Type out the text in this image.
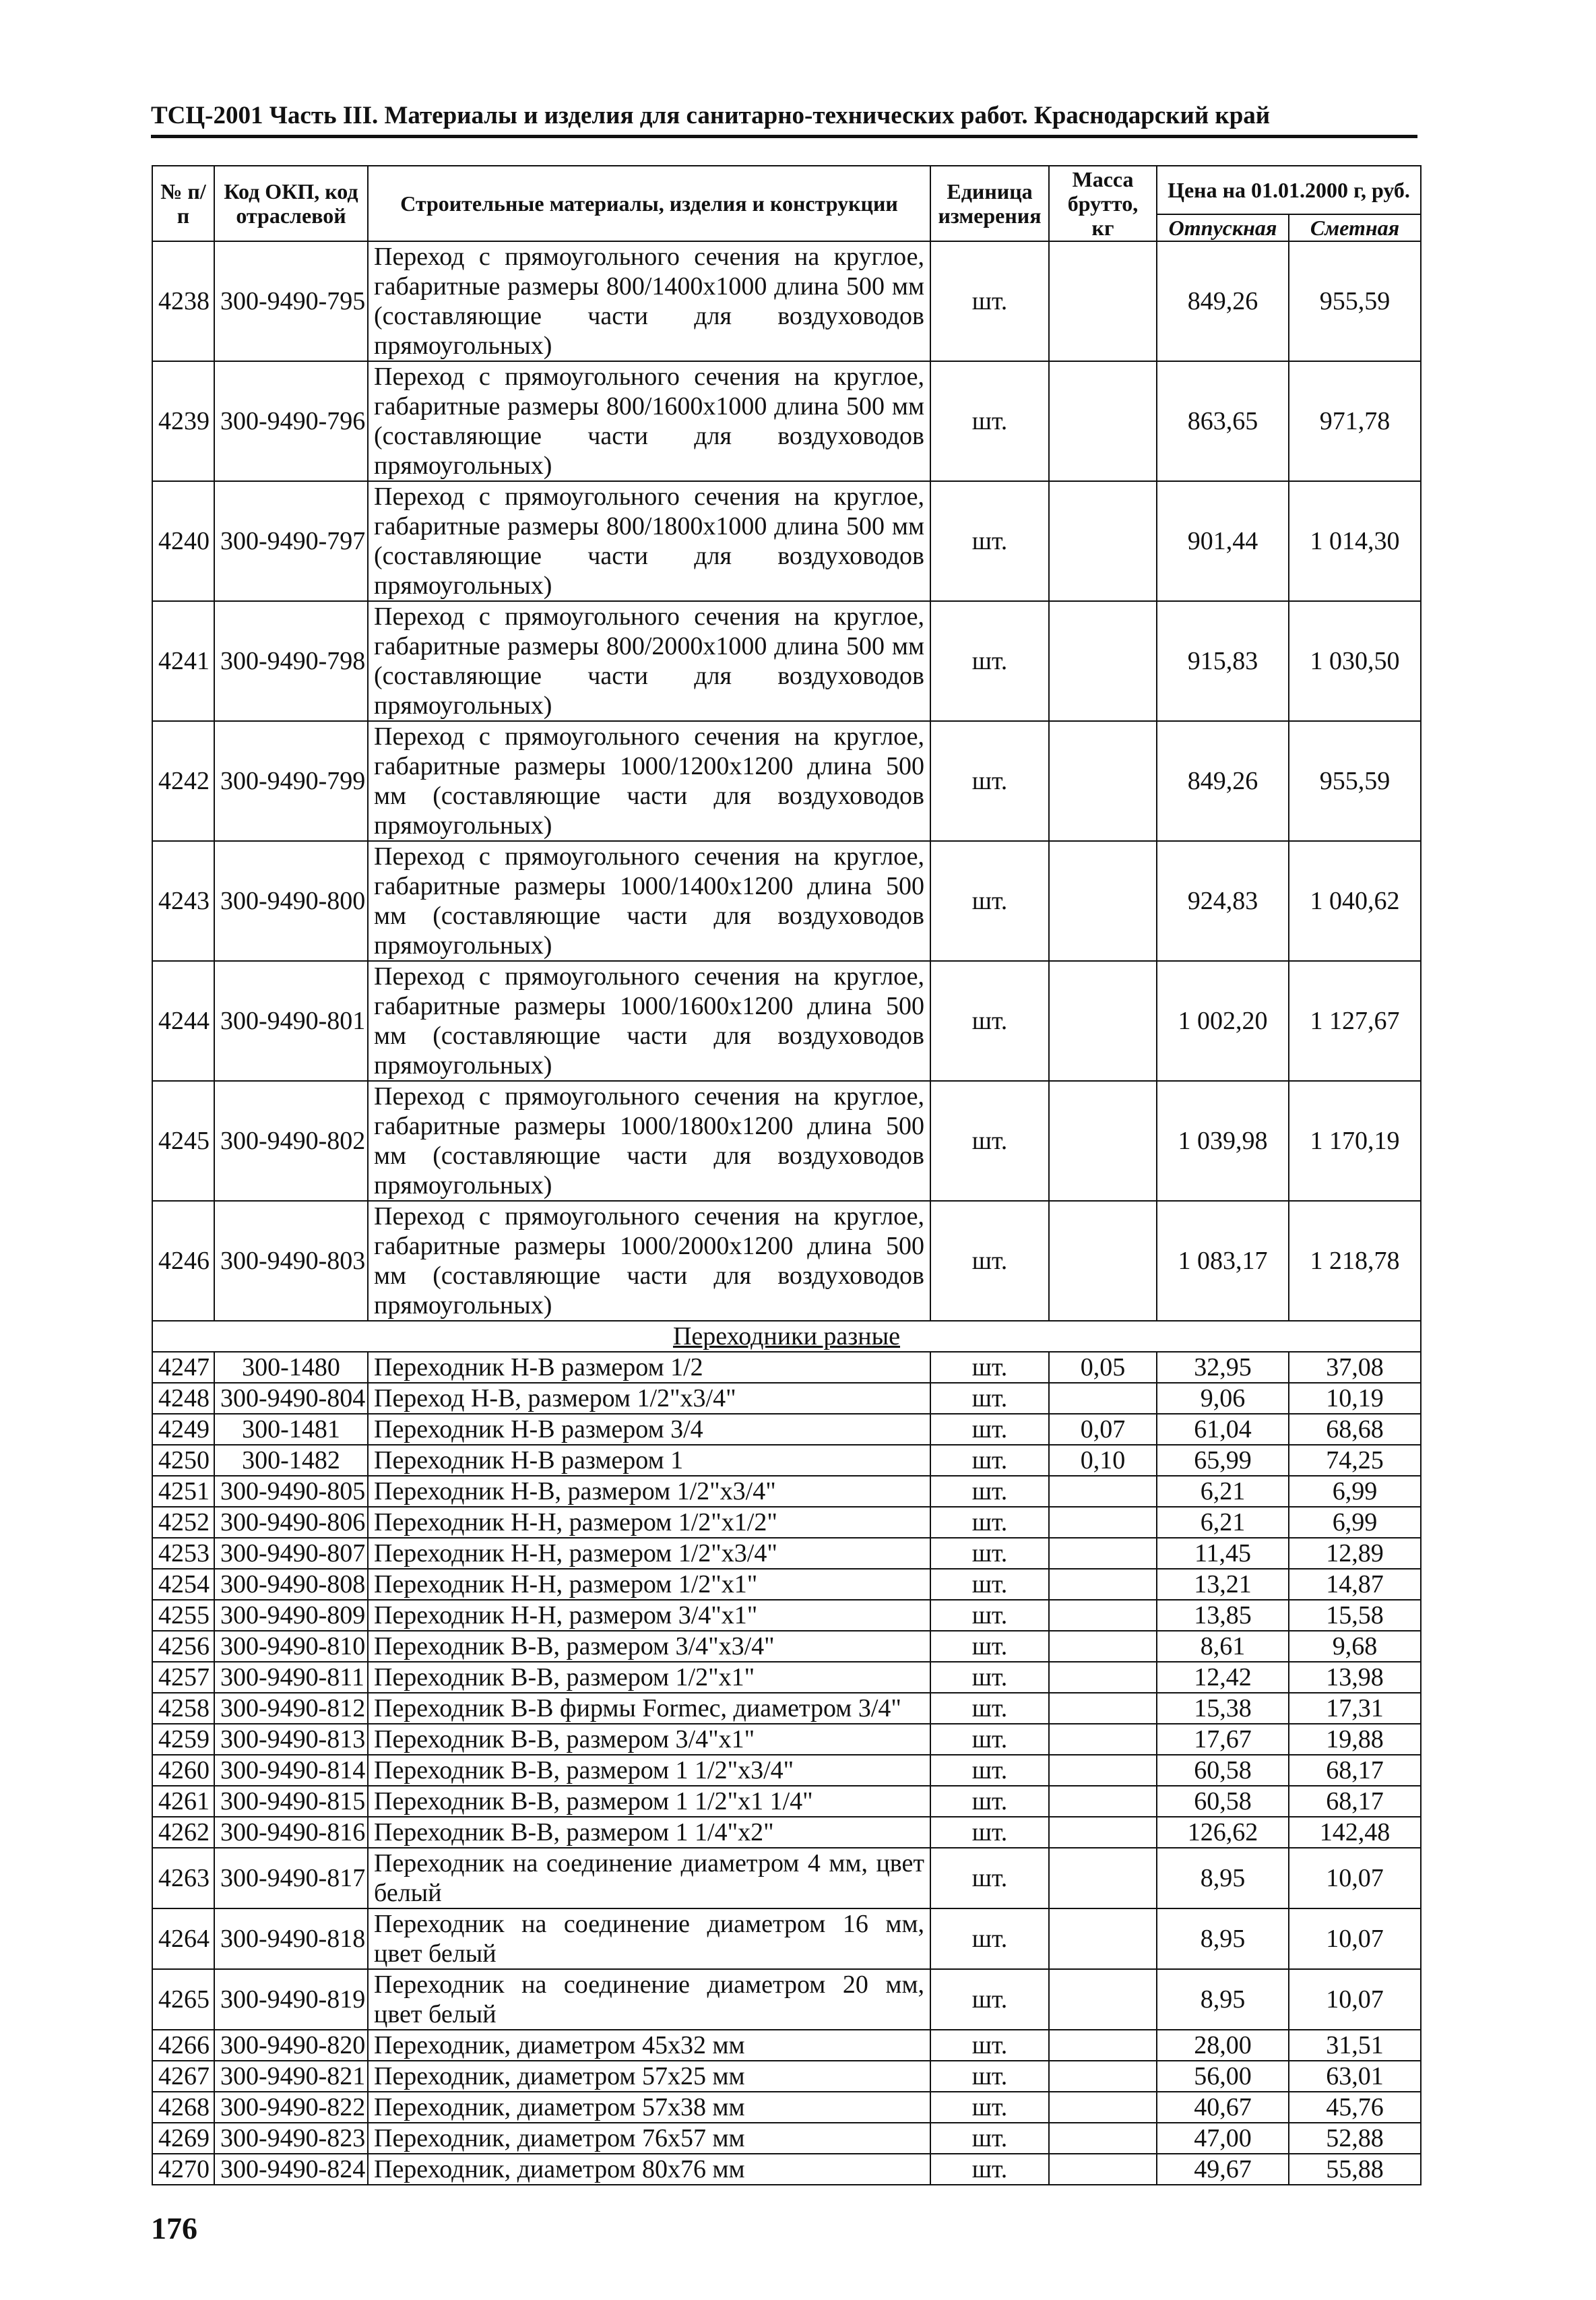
ТСЦ-2001 Часть III. Материалы и изделия для санитарно-технических работ. Краснодарский край
№ п/п	Код ОКП, код отраслевой	Строительные материалы, изделия и конструкции	Единица измерения	Масса брутто, кг	Цена на 01.01.2000 г, руб.	
					Отпускная	Сметная
4238	300-9490-795	Переход с прямоугольного сечения на круглое, габаритные размеры 800/1400х1000 длина 500 мм (составляющие части для воздуховодов прямоугольных)	шт.		849,26	955,59
4239	300-9490-796	Переход с прямоугольного сечения на круглое, габаритные размеры 800/1600х1000 длина 500 мм (составляющие части для воздуховодов прямоугольных)	шт.		863,65	971,78
4240	300-9490-797	Переход с прямоугольного сечения на круглое, габаритные размеры 800/1800х1000 длина 500 мм (составляющие части для воздуховодов прямоугольных)	шт.		901,44	1 014,30
4241	300-9490-798	Переход с прямоугольного сечения на круглое, габаритные размеры 800/2000х1000 длина 500 мм (составляющие части для воздуховодов прямоугольных)	шт.		915,83	1 030,50
4242	300-9490-799	Переход с прямоугольного сечения на круглое, габаритные размеры 1000/1200х1200 длина 500 мм (составляющие части для воздуховодов прямоугольных)	шт.		849,26	955,59
4243	300-9490-800	Переход с прямоугольного сечения на круглое, габаритные размеры 1000/1400х1200 длина 500 мм (составляющие части для воздуховодов прямоугольных)	шт.		924,83	1 040,62
4244	300-9490-801	Переход с прямоугольного сечения на круглое, габаритные размеры 1000/1600х1200 длина 500 мм (составляющие части для воздуховодов прямоугольных)	шт.		1 002,20	1 127,67
4245	300-9490-802	Переход с прямоугольного сечения на круглое, габаритные размеры 1000/1800х1200 длина 500 мм (составляющие части для воздуховодов прямоугольных)	шт.		1 039,98	1 170,19
4246	300-9490-803	Переход с прямоугольного сечения на круглое, габаритные размеры 1000/2000х1200 длина 500 мм (составляющие части для воздуховодов прямоугольных)	шт.		1 083,17	1 218,78
Переходники разные						
4247	300-1480	Переходник Н-В размером 1/2	шт.	0,05	32,95	37,08
4248	300-9490-804	Переход Н-В, размером 1/2"х3/4"	шт.		9,06	10,19
4249	300-1481	Переходник Н-В размером 3/4	шт.	0,07	61,04	68,68
4250	300-1482	Переходник Н-В размером 1	шт.	0,10	65,99	74,25
4251	300-9490-805	Переходник Н-В, размером 1/2"х3/4"	шт.		6,21	6,99
4252	300-9490-806	Переходник Н-Н, размером 1/2"х1/2"	шт.		6,21	6,99
4253	300-9490-807	Переходник Н-Н, размером 1/2"х3/4"	шт.		11,45	12,89
4254	300-9490-808	Переходник Н-Н, размером 1/2"х1"	шт.		13,21	14,87
4255	300-9490-809	Переходник Н-Н, размером 3/4"х1"	шт.		13,85	15,58
4256	300-9490-810	Переходник В-В, размером 3/4"х3/4"	шт.		8,61	9,68
4257	300-9490-811	Переходник В-В, размером 1/2"х1"	шт.		12,42	13,98
4258	300-9490-812	Переходник В-В фирмы Formec, диаметром 3/4"	шт.		15,38	17,31
4259	300-9490-813	Переходник В-В, размером 3/4"х1"	шт.		17,67	19,88
4260	300-9490-814	Переходник В-В, размером 1 1/2"х3/4"	шт.		60,58	68,17
4261	300-9490-815	Переходник В-В, размером 1 1/2"х1 1/4"	шт.		60,58	68,17
4262	300-9490-816	Переходник В-В, размером 1 1/4"х2"	шт.		126,62	142,48
4263	300-9490-817	Переходник на соединение диаметром 4 мм, цвет белый	шт.		8,95	10,07
4264	300-9490-818	Переходник на соединение диаметром 16 мм, цвет белый	шт.		8,95	10,07
4265	300-9490-819	Переходник на соединение диаметром 20 мм, цвет белый	шт.		8,95	10,07
4266	300-9490-820	Переходник, диаметром 45х32 мм	шт.		28,00	31,51
4267	300-9490-821	Переходник, диаметром 57х25 мм	шт.		56,00	63,01
4268	300-9490-822	Переходник, диаметром 57х38 мм	шт.		40,67	45,76
4269	300-9490-823	Переходник, диаметром 76х57 мм	шт.		47,00	52,88
4270	300-9490-824	Переходник, диаметром 80х76 мм	шт.		49,67	55,88
176
